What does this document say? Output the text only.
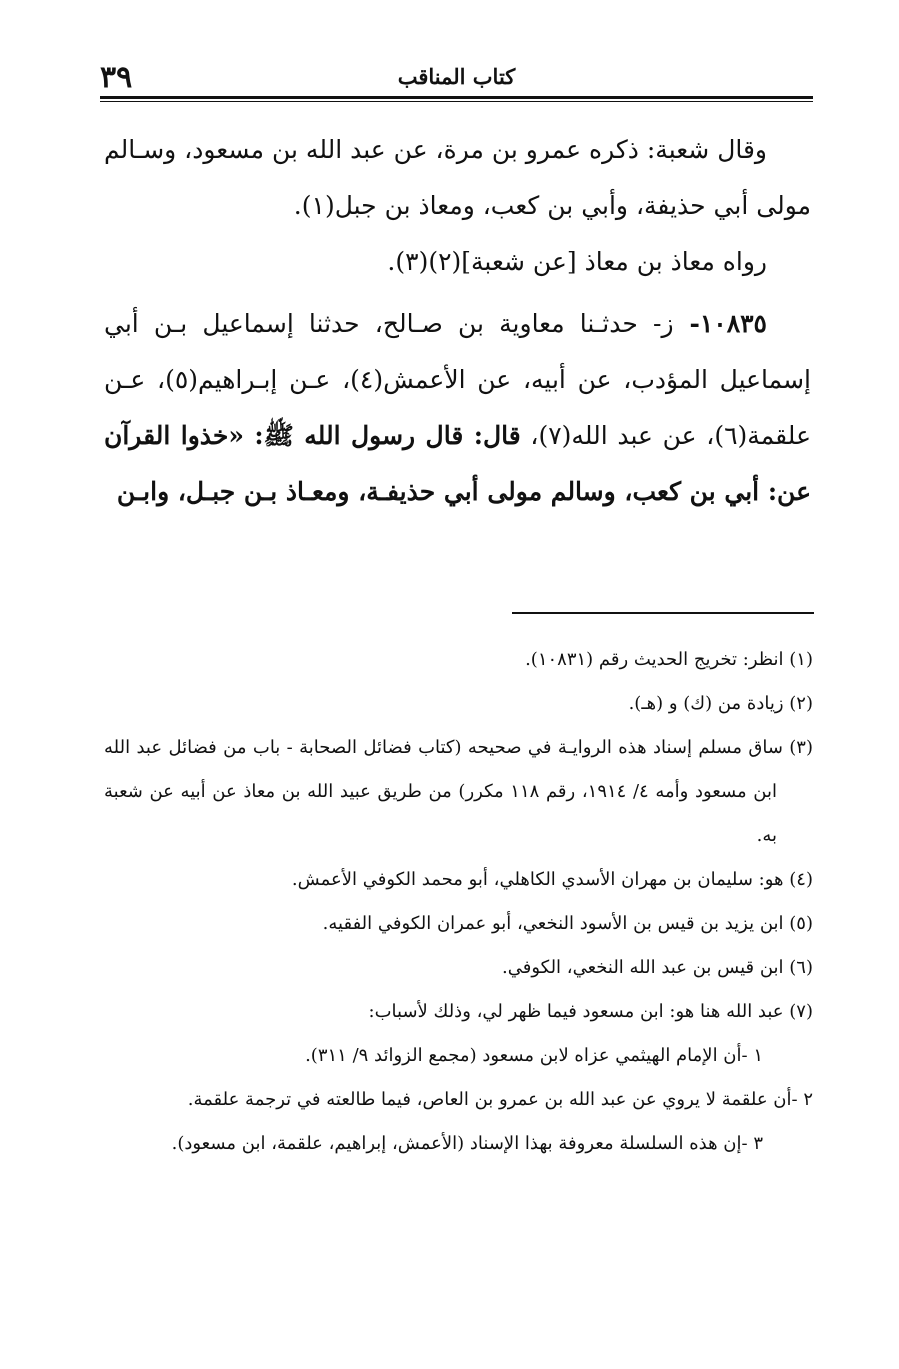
٣٩	كتاب المناقب

وقال شعبة: ذكره عمرو بن مرة، عن عبد الله بن مسعود، وسـالم مولى أبي حذيفة، وأبي بن كعب، ومعاذ بن جبل(١).

رواه معاذ بن معاذ [عن شعبة](٢)(٣).

١٠٨٣٥- ز- حدثـنا معاوية بن صـالح، حدثنا إسماعيل بـن أبي إسماعيل المؤدب، عن أبيه، عن الأعمش(٤)، عـن إبـراهيم(٥)، عـن علقمة(٦)، عن عبد الله(٧)، قال: قال رسول الله ﷺ: «خذوا القرآن عن: أبي بن كعب، وسالم مولى أبي حذيفـة، ومعـاذ بـن جبـل، وابـن

(١) انظر: تخريج الحديث رقم (١٠٨٣١).

(٢) زيادة من (ك) و (هـ).

(٣) ساق مسلم إسناد هذه الروايـة في صحيحه (كتاب فضائل الصحابة - باب من فضائل عبد الله ابن مسعود وأمه ٤/ ١٩١٤، رقم ١١٨ مكرر) من طريق عبيد الله بن معاذ عن أبيه عن شعبة به.

(٤) هو: سليمان بن مهران الأسدي الكاهلي، أبو محمد الكوفي الأعمش.

(٥) ابن يزيد بن قيس بن الأسود النخعي، أبو عمران الكوفي الفقيه.

(٦) ابن قيس بن عبد الله النخعي، الكوفي.

(٧) عبد الله هنا هو: ابن مسعود فيما ظهر لي، وذلك لأسباب:

١ -أن الإمام الهيثمي عزاه لابن مسعود (مجمع الزوائد ٩/ ٣١١).

٢ -أن علقمة لا يروي عن عبد الله بن عمرو بن العاص، فيما طالعته في ترجمة علقمة.

٣ -إن هذه السلسلة معروفة بهذا الإسناد (الأعمش، إبراهيم، علقمة، ابن مسعود).
